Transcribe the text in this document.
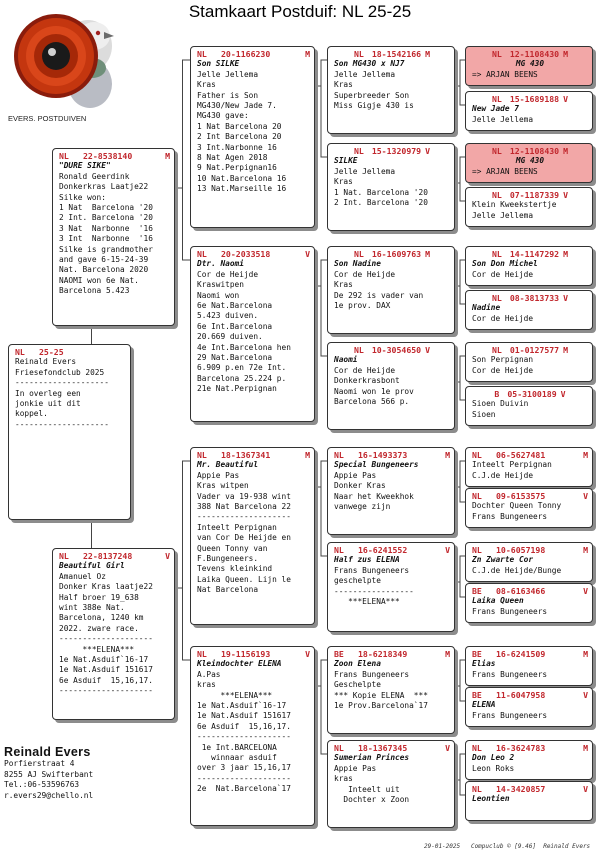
Stamkaart Postduif: NL 25-25
EVERS. POSTDUIVEN
NL	25-25
Reinald Evers
Friesefondclub 2025
--------------------
In overleg een
jonkie uit dit
koppel.
--------------------
NL	22-8538140	M
"DURE SIKE"
Ronald Geerdink
Donkerkras Laatje22
Silke won:
1 Nat  Barcelona '20
2 Int. Barcelona '20
3 Nat  Narbonne  '16
3 Int  Narbonne  '16
Silke is grandmother
and gave 6-15-24-39
Nat. Barcelona 2020
NAOMI won 6e Nat.
Barcelona 5.423
NL	22-8137248	V
Beautiful Girl
Amanuel Oz
Donker Kras laatje22
Half broer 19_638
wint 388e Nat.
Barcelona, 1240 km
2022. zware race.
--------------------
***ELENA***
1e Nat.Asduif`16-17
1e Nat.Asduif 151617
6e Asduif  15,16,17.
--------------------
NL	20-1166230	M
Son SILKE
Jelle Jellema
Kras
Father is Son
MG430/New Jade 7.
MG430 gave:
1 Nat Barcelona 20
2 Int Barcelona 20
3 Int.Narbonne 16
8 Nat Agen 2018
9 Nat.Perpignan16
10 Nat.Barcelona 16
13 Nat.Marseille 16
NL	20-2033518	V
Dtr. Naomi
Cor de Heijde
Kraswitpen
Naomi won
6e Nat.Barcelona
5.423 duiven.
6e Int.Barcelona
20.669 duiven.
4e Int.Barcelona hen
29 Nat.Barcelona
6.909 p.en 72e Int.
Barcelona 25.224 p.
21e Nat.Perpignan
NL	18-1367341	M
Mr. Beautiful
Appie Pas
Kras witpen
Vader va 19-938 wint
388 Nat Barcelona 22
--------------------
Inteelt Perpignan
van Cor De Heijde en
Queen Tonny van
F.Bungeneers.
Tevens kleinkind
Laika Queen. Lijn le
Nat Barcelona
NL	19-1156193	V
Kleindochter ELENA
A.Pas
kras
***ELENA***
1e Nat.Asduif`16-17
1e Nat.Asduif 151617
6e Asduif  15,16,17.
--------------------
1e Int.BARCELONA
winnaar asduif
over 3 jaar 15,16,17
--------------------
2e  Nat.Barcelona`17
NL 18-1542166 M
Son MG430 x NJ7
Jelle Jellema
Kras
Superbreeder Son
Miss Gigje 430 is
NL 15-1320979 V
SILKE
Jelle Jellema
Kras
1 Nat. Barcelona '20
2 Int. Barcelona '20
NL 16-1609763 M
Son Nadine
Cor de Heijde
Kras
De 292 is vader van
1e prov. DAX
NL 10-3054650 V
Naomi
Cor de Heijde
Donkerkrasbont
Naomi won 1e prov
Barcelona 566 p.
NL	16-1493373	M
Special Bungeneers
Appie Pas
Donker Kras
Naar het Kweekhok
vanwege zijn
NL	16-6241552	V
Half zus ELENA
Frans Bungeneers
geschelpte
-----------------
***ELENA***
BE	18-6218349	M
Zoon Elena
Frans Bungeneers
Geschelpte
*** Kopie ELENA  ***
1e Prov.Barcelona`17
NL	18-1367345	V
Sumerian Princes
Appie Pas
kras
Inteelt uit
Dochter x Zoon
NL 12-1108430 M
MG 430
=> ARJAN BEENS
NL 15-1689188 V
New Jade 7
Jelle Jellema
NL 12-1108430 M
MG 430
=> ARJAN BEENS
NL 07-1187339 V
Klein Kweekstertje
Jelle Jellema
NL 14-1147292 M
Son Don Michel
Cor de Heijde
NL 08-3813733 V
Nadine
Cor de Heijde
NL 01-0127577 M
Son Perpignan
Cor de Heijde
B 05-3100189 V
Sioen Duivin
Sioen
NL	06-5627481	M
Inteelt Perpignan
C.J.de Heijde
NL	09-6153575	V
Dochter Queen Tonny
Frans Bungeneers
NL	10-6057198	M
Zn Zwarte Cor
C.J.de Heijde/Bunge
BE	08-6163466	V
Laika Queen
Frans Bungeneers
BE	16-6241509	M
Elias
Frans Bungeneers
BE	11-6047958	V
ELENA
Frans Bungeneers
NL	16-3624783	M
Don Leo 2
Leon Roks
NL	14-3420857	V
Leontien
Reinald Evers
Porfierstraat 4
8255 AJ Swifterbant
Tel.:06-53596763
r.evers29@chello.nl
29-01-2025   Compuclub © [9.46]  Reinald Evers
